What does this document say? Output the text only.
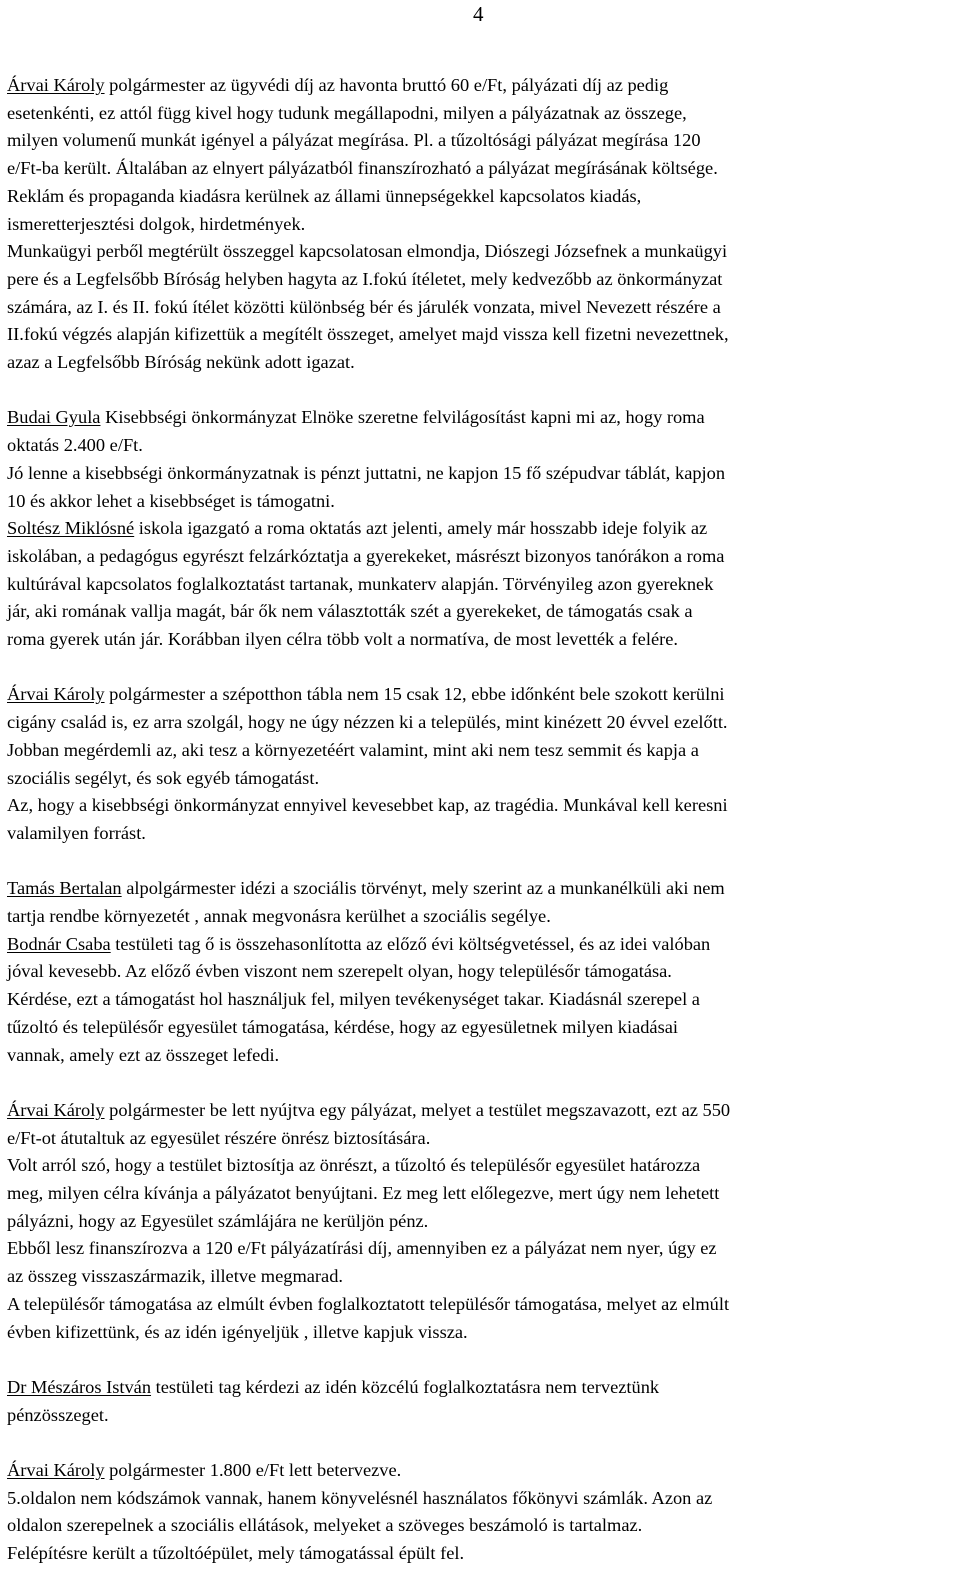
4
Árvai Károly polgármester az ügyvédi díj az havonta bruttó 60 e/Ft, pályázati díj az pedig
esetenkénti, ez attól függ kivel hogy tudunk megállapodni, milyen a pályázatnak az összege,
milyen volumenű munkát igényel a pályázat megírása. Pl. a tűzoltósági pályázat megírása 120
e/Ft-ba került. Általában az elnyert pályázatból finanszírozható a pályázat megírásának költsége.
Reklám és propaganda kiadásra kerülnek az állami ünnepségekkel kapcsolatos kiadás,
ismeretterjesztési dolgok, hirdetmények.
Munkaügyi perből megtérült összeggel kapcsolatosan elmondja, Diószegi Józsefnek a munkaügyi
pere és a Legfelsőbb Bíróság helyben hagyta az I.fokú ítéletet, mely kedvezőbb az önkormányzat
számára, az I. és II. fokú ítélet közötti különbség bér és járulék vonzata, mivel Nevezett részére a
II.fokú végzés alapján kifizettük a megítélt összeget, amelyet majd vissza kell fizetni nevezettnek,
azaz a Legfelsőbb Bíróság nekünk adott igazat.
Budai Gyula Kisebbségi önkormányzat Elnöke szeretne felvilágosítást kapni mi az, hogy roma
oktatás 2.400 e/Ft.
Jó lenne a kisebbségi önkormányzatnak is pénzt juttatni, ne kapjon 15 fő szépudvar táblát, kapjon
10 és akkor lehet a kisebbséget is támogatni.
Soltész Miklósné iskola igazgató a roma oktatás azt jelenti, amely már hosszabb ideje folyik az
iskolában, a pedagógus egyrészt felzárkóztatja a gyerekeket, másrészt bizonyos tanórákon a roma
kultúrával kapcsolatos foglalkoztatást tartanak, munkaterv alapján. Törvényileg azon gyereknek
jár, aki romának vallja magát, bár ők nem választották szét a gyerekeket, de támogatás csak a
roma gyerek után jár. Korábban ilyen célra több volt a normatíva, de most levették a felére.
Árvai Károly polgármester a szépotthon tábla nem 15 csak 12, ebbe időnként bele szokott kerülni
cigány család is, ez arra szolgál, hogy ne úgy nézzen ki a település, mint kinézett 20 évvel ezelőtt.
Jobban megérdemli az, aki tesz a környezetéért valamint, mint aki nem tesz semmit és kapja a
szociális segélyt, és sok egyéb támogatást.
Az, hogy a kisebbségi önkormányzat ennyivel kevesebbet kap, az tragédia. Munkával kell keresni
valamilyen forrást.
Tamás Bertalan alpolgármester idézi a szociális törvényt, mely szerint az a munkanélküli aki nem
tartja rendbe környezetét , annak megvonásra kerülhet a szociális segélye.
Bodnár Csaba testületi tag ő is összehasonlította az előző évi költségvetéssel, és az idei valóban
jóval kevesebb. Az előző évben viszont nem szerepelt olyan, hogy településőr támogatása.
Kérdése, ezt a támogatást hol használjuk fel, milyen tevékenységet takar. Kiadásnál szerepel a
tűzoltó és településőr egyesület támogatása, kérdése, hogy az egyesületnek milyen kiadásai
vannak, amely ezt az összeget lefedi.
Árvai Károly polgármester be lett nyújtva egy pályázat, melyet a testület megszavazott, ezt az 550
e/Ft-ot átutaltuk az egyesület részére önrész biztosítására.
Volt arról szó, hogy a testület biztosítja az önrészt, a tűzoltó és településőr egyesület határozza
meg, milyen célra kívánja a pályázatot benyújtani. Ez meg lett előlegezve, mert úgy nem lehetett
pályázni, hogy az Egyesület számlájára ne kerüljön pénz.
Ebből lesz finanszírozva a 120 e/Ft pályázatírási díj, amennyiben ez a pályázat nem nyer, úgy ez
az összeg visszaszármazik, illetve megmarad.
A településőr támogatása az elmúlt évben foglalkoztatott településőr támogatása, melyet az elmúlt
évben kifizettünk, és az idén igényeljük , illetve kapjuk vissza.
Dr Mészáros István testületi tag kérdezi az idén közcélú foglalkoztatásra nem terveztünk
pénzösszeget.
Árvai Károly polgármester 1.800 e/Ft lett betervezve.
5.oldalon nem kódszámok vannak, hanem könyvelésnél használatos főkönyvi számlák. Azon az
oldalon szerepelnek a szociális ellátások, melyeket a szöveges beszámoló is tartalmaz.
Felépítésre került a tűzoltóépület, mely támogatással épült fel.
